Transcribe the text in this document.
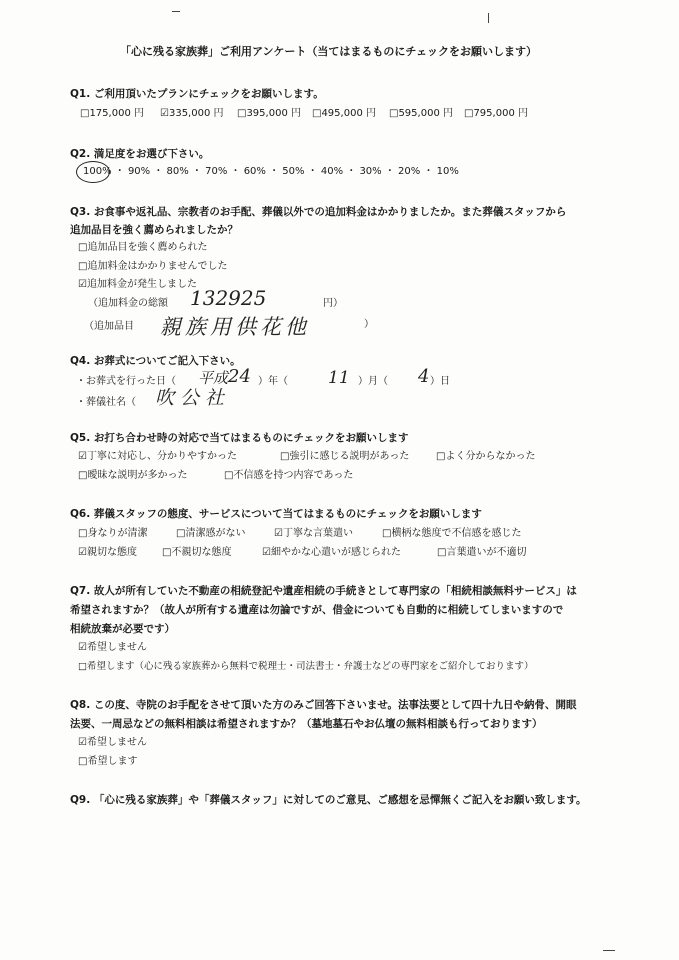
「心に残る家族葬」ご利用アンケート（当てはまるものにチェックをお願いします）
Q1. ご利用頂いたプランにチェックをお願いします。
□175,000 円 ☑335,000 円 □395,000 円 □495,000 円 □595,000 円 □795,000 円
Q2. 満足度をお選び下さい。
100% ・ 90% ・ 80% ・ 70% ・ 60% ・ 50% ・ 40% ・ 30% ・ 20% ・ 10%
Q3. お食事や返礼品、宗教者のお手配、葬儀以外での追加料金はかかりましたか。また葬儀スタッフから
追加品目を強く薦められましたか？
□追加品目を強く薦められた
□追加料金はかかりませんでした
☑追加料金が発生しました
（追加料金の総額 132925	円）
（追加品目 親族用供花他	）
Q4. お葬式についてご記入下さい。
・お葬式を行った日（ 平成 24 ）年（ 11 ）月（ 4 ）日
・葬儀社名（ 吹公社
Q5. お打ち合わせ時の対応で当てはまるものにチェックをお願いします
☑丁寧に対応し、分かりやすかった	□強引に感じる説明があった	□よく分からなかった
□曖昧な説明が多かった	□不信感を持つ内容であった
Q6. 葬儀スタッフの態度、サービスについて当てはまるものにチェックをお願いします
□身なりが清潔	□清潔感がない	☑丁寧な言葉遣い	□横柄な態度で不信感を感じた
☑親切な態度	□不親切な態度	☑細やかな心遣いが感じられた	□言葉遣いが不適切
Q7. 故人が所有していた不動産の相続登記や遺産相続の手続きとして専門家の「相続相談無料サービス」は
希望されますか？（故人が所有する遺産は勿論ですが、借金についても自動的に相続してしまいますので
相続放棄が必要です）
☑希望しません
□希望します（心に残る家族葬から無料で税理士・司法書士・弁護士などの専門家をご紹介しております）
Q8. この度、寺院のお手配をさせて頂いた方のみご回答下さいませ。法事法要として四十九日や納骨、開眼
法要、一周忌などの無料相談は希望されますか？（墓地墓石やお仏壇の無料相談も行っております）
☑希望しません
□希望します
Q9. 「心に残る家族葬」や「葬儀スタッフ」に対してのご意見、ご感想を忌憚無くご記入をお願い致します。
